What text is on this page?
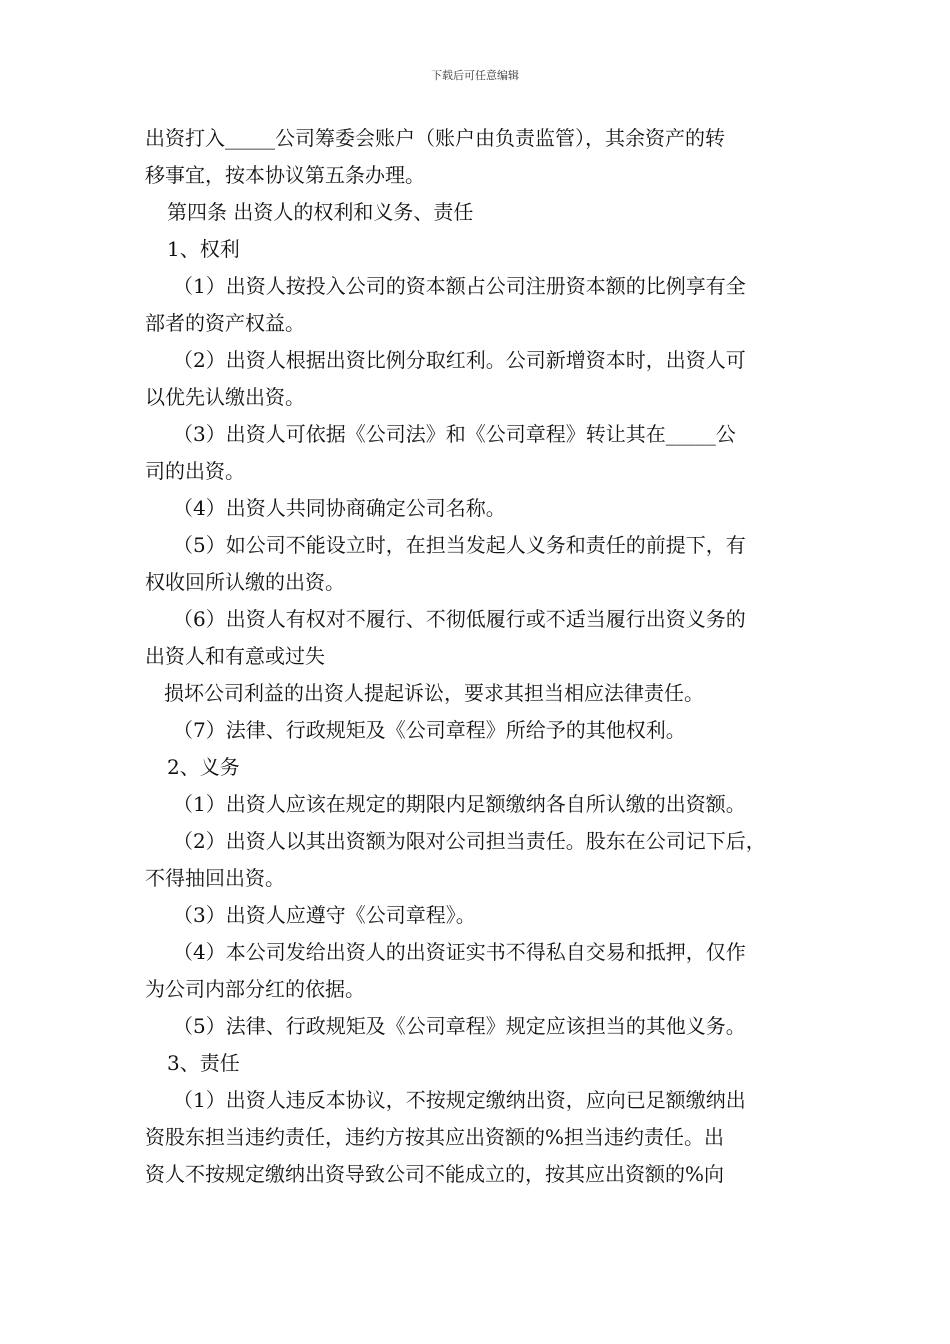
下载后可任意编辑

出资打入_____公司筹委会账户（账户由负责监管），其余资产的转

移事宜，按本协议第五条办理。

第四条 出资人的权利和义务、责任

1、权利

（1）出资人按投入公司的资本额占公司注册资本额的比例享有全

部者的资产权益。

（2）出资人根据出资比例分取红利。公司新增资本时，出资人可

以优先认缴出资。

（3）出资人可依据《公司法》和《公司章程》转让其在_____公

司的出资。

（4）出资人共同协商确定公司名称。

（5）如公司不能设立时，在担当发起人义务和责任的前提下，有

权收回所认缴的出资。

（6）出资人有权对不履行、不彻低履行或不适当履行出资义务的

出资人和有意或过失

损坏公司利益的出资人提起诉讼，要求其担当相应法律责任。

（7）法律、行政规矩及《公司章程》所给予的其他权利。

2、义务

（1）出资人应该在规定的期限内足额缴纳各自所认缴的出资额。

（2）出资人以其出资额为限对公司担当责任。股东在公司记下后，

不得抽回出资。

（3）出资人应遵守《公司章程》。

（4）本公司发给出资人的出资证实书不得私自交易和抵押，仅作

为公司内部分红的依据。

（5）法律、行政规矩及《公司章程》规定应该担当的其他义务。

3、责任

（1）出资人违反本协议，不按规定缴纳出资，应向已足额缴纳出

资股东担当违约责任，违约方按其应出资额的%担当违约责任。出

资人不按规定缴纳出资导致公司不能成立的，按其应出资额的%向
